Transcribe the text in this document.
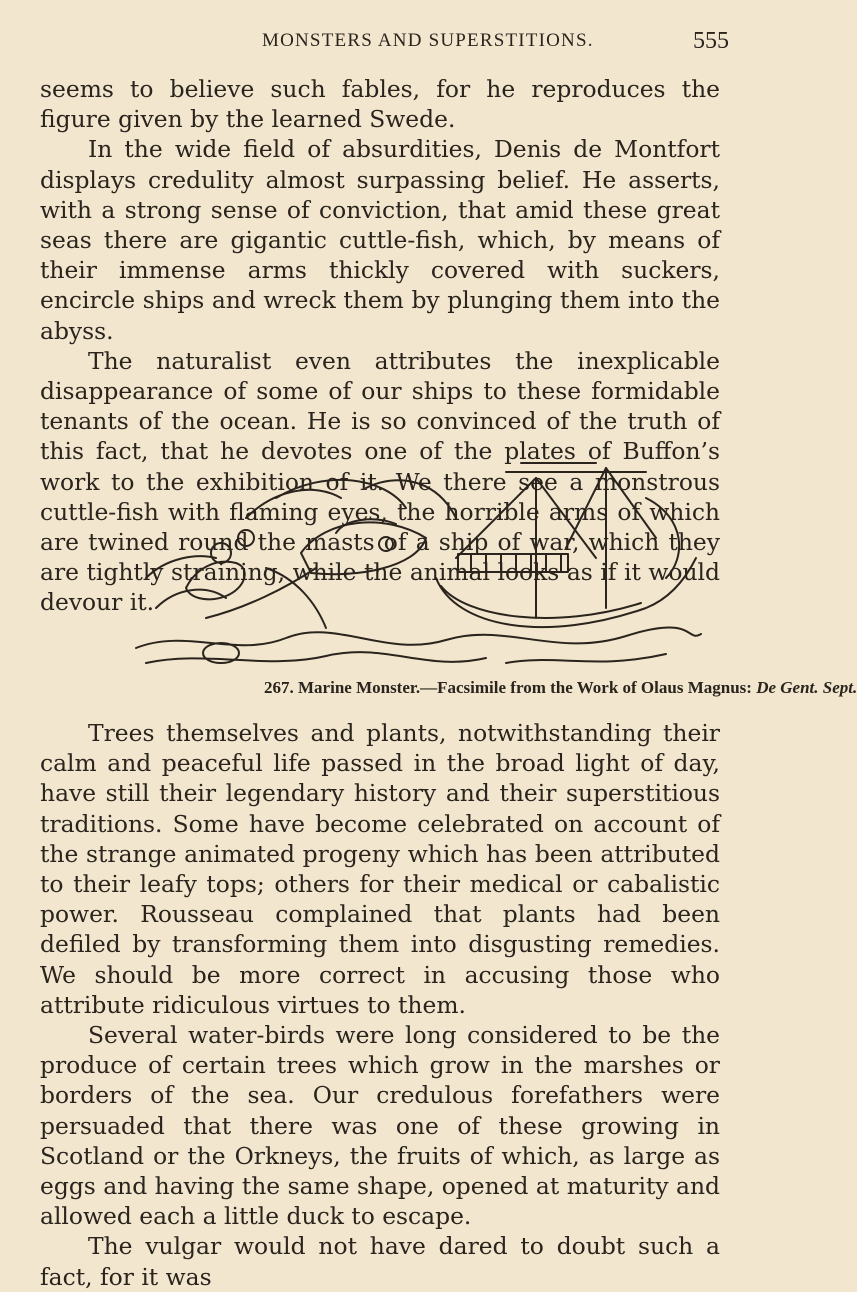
MONSTERS AND SUPERSTITIONS.	555

seems to believe such fables, for he reproduces the figure given by the learned Swede.

In the wide field of absurdities, Denis de Montfort displays credulity almost surpassing belief. He asserts, with a strong sense of conviction, that amid these great seas there are gigantic cuttle-fish, which, by means of their immense arms thickly covered with suckers, encircle ships and wreck them by plunging them into the abyss.

The naturalist even attributes the inexplicable disappearance of some of our ships to these formidable tenants of the ocean. He is so convinced of the truth of this fact, that he devotes one of the plates of Buffon’s work to the exhibition of it. We there see a monstrous cuttle-fish with flaming eyes, the horrible arms of which are twined round the masts of a ship of war, which they are tightly straining, while the animal looks as if it would devour it.

267. Marine Monster.—Facsimile from the Work of Olaus Magnus: De Gent. Sept.

Trees themselves and plants, notwithstanding their calm and peaceful life passed in the broad light of day, have still their legendary history and their superstitious traditions. Some have become celebrated on account of the strange animated progeny which has been attributed to their leafy tops; others for their medical or cabalistic power. Rousseau complained that plants had been defiled by transforming them into disgusting remedies. We should be more correct in accusing those who attribute ridiculous virtues to them.

Several water-birds were long considered to be the produce of certain trees which grow in the marshes or borders of the sea. Our credulous forefathers were persuaded that there was one of these growing in Scotland or the Orkneys, the fruits of which, as large as eggs and having the same shape, opened at maturity and allowed each a little duck to escape.

The vulgar would not have dared to doubt such a fact, for it was
